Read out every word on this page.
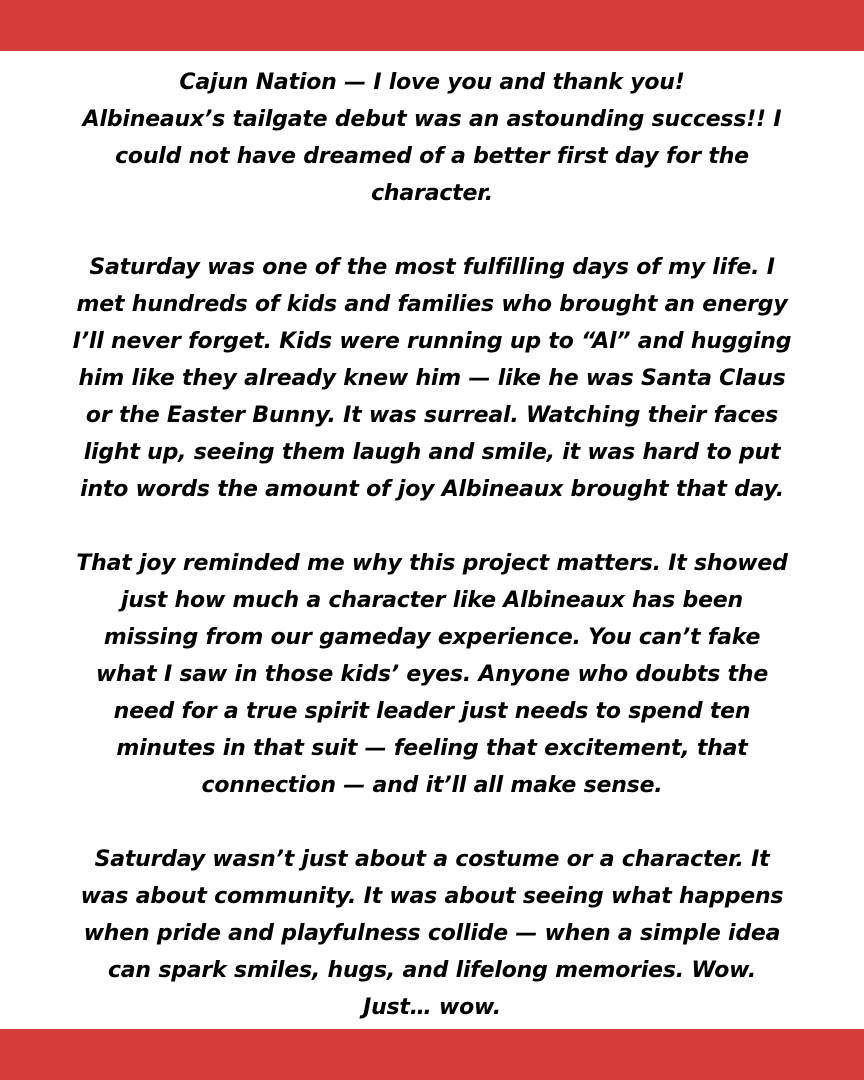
Cajun Nation — I love you and thank you!
Albineaux’s tailgate debut was an astounding success!! I
could not have dreamed of a better first day for the
character.

Saturday was one of the most fulfilling days of my life. I
met hundreds of kids and families who brought an energy
I’ll never forget. Kids were running up to “Al” and hugging
him like they already knew him — like he was Santa Claus
or the Easter Bunny. It was surreal. Watching their faces
light up, seeing them laugh and smile, it was hard to put
into words the amount of joy Albineaux brought that day.

That joy reminded me why this project matters. It showed
just how much a character like Albineaux has been
missing from our gameday experience. You can’t fake
what I saw in those kids’ eyes. Anyone who doubts the
need for a true spirit leader just needs to spend ten
minutes in that suit — feeling that excitement, that
connection — and it’ll all make sense.

Saturday wasn’t just about a costume or a character. It
was about community. It was about seeing what happens
when pride and playfulness collide — when a simple idea
can spark smiles, hugs, and lifelong memories. Wow.
Just… wow.
